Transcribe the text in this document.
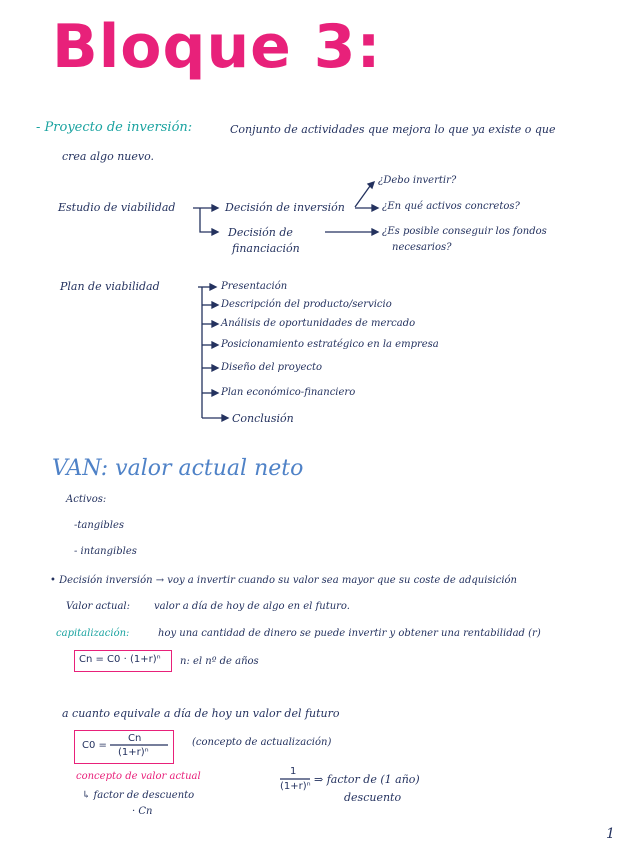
Bloque 3:
- Proyecto de inversión:	Conjunto de actividades que mejora lo que ya existe o que
crea algo nuevo.
Estudio de viabilidad	Decisión de inversión
Decisión de
financiación
¿Debo invertir?
¿En qué activos concretos?
¿Es posible conseguir los fondos
necesarios?
Plan de viabilidad	Presentación
Descripción del producto/servicio
Análisis de oportunidades de mercado
Posicionamiento estratégico en la empresa
Diseño del proyecto
Plan económico-financiero
Conclusión
VAN: valor actual neto
Activos:
-tangibles
- intangibles
• Decisión inversión → voy a invertir cuando su valor sea mayor que su coste de adquisición
Valor actual: valor a día de hoy de algo en el futuro.
capitalización:	hoy una cantidad de dinero se puede invertir y obtener una rentabilidad (r)
Cn = C0 · (1+r)ⁿ n: el nº de años
a cuanto equivale a día de hoy un valor del futuro
C0 =
Cn
(1+r)ⁿ
(concepto de actualización)
concepto de valor actual
↳ factor de descuento
· Cn
1
(1+r)ⁿ
⇒ factor de (1 año)
descuento
1
